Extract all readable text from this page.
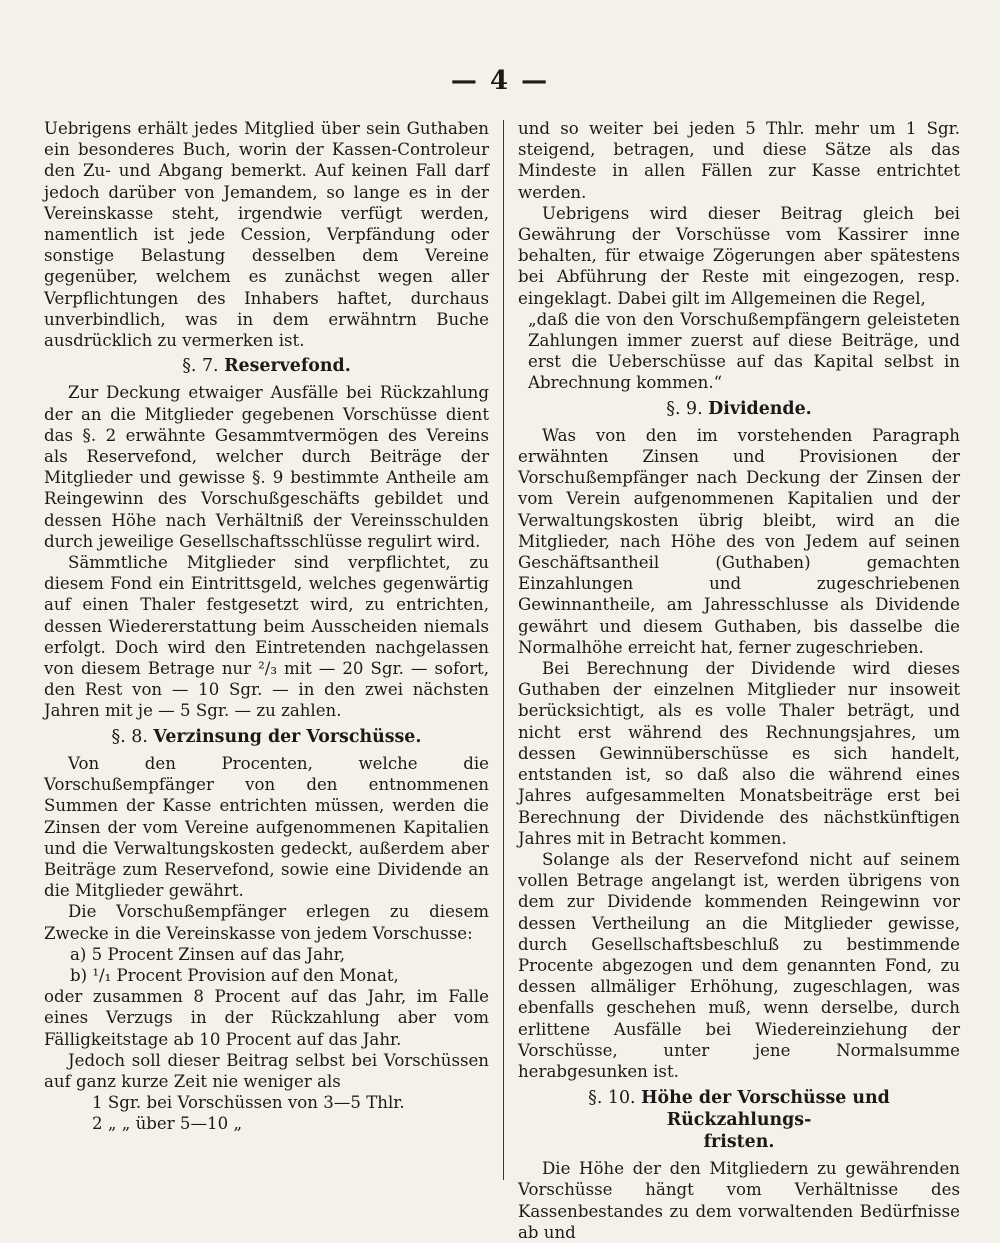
— 4 —

Uebrigens erhält jedes Mitglied über sein Guthaben ein besonderes Buch, worin der Kassen-Controleur den Zu- und Abgang bemerkt. Auf keinen Fall darf jedoch darüber von Jemandem, so lange es in der Vereinskasse steht, irgendwie verfügt werden, namentlich ist jede Cession, Verpfändung oder sonstige Belastung desselben dem Vereine gegenüber, welchem es zunächst wegen aller Verpflichtungen des Inhabers haftet, durchaus unverbindlich, was in dem erwähntrn Buche ausdrücklich zu vermerken ist.

§. 7. Reservefond.

Zur Deckung etwaiger Ausfälle bei Rückzahlung der an die Mitglieder gegebenen Vorschüsse dient das §. 2 erwähnte Gesammtvermögen des Vereins als Reservefond, welcher durch Beiträge der Mitglieder und gewisse §. 9 bestimmte Antheile am Reingewinn des Vorschußgeschäfts gebildet und dessen Höhe nach Verhältniß der Vereinsschulden durch jeweilige Gesellschaftsschlüsse regulirt wird.

Sämmtliche Mitglieder sind verpflichtet, zu diesem Fond ein Eintrittsgeld, welches gegenwärtig auf einen Thaler festgesetzt wird, zu entrichten, dessen Wiedererstattung beim Ausscheiden niemals erfolgt. Doch wird den Eintretenden nachgelassen von diesem Betrage nur ²/₃ mit — 20 Sgr. — sofort, den Rest von — 10 Sgr. — in den zwei nächsten Jahren mit je — 5 Sgr. — zu zahlen.

§. 8. Verzinsung der Vorschüsse.

Von den Procenten, welche die Vorschußempfänger von den entnommenen Summen der Kasse entrichten müssen, werden die Zinsen der vom Vereine aufgenommenen Kapitalien und die Verwaltungskosten gedeckt, außerdem aber Beiträge zum Reservefond, sowie eine Dividende an die Mitglieder gewährt.

Die Vorschußempfänger erlegen zu diesem Zwecke in die Vereinskasse von jedem Vorschusse:

a) 5 Procent Zinsen auf das Jahr,

b) ¹/₁ Procent Provision auf den Monat,

oder zusammen 8 Procent auf das Jahr, im Falle eines Verzugs in der Rückzahlung aber vom Fälligkeitstage ab 10 Procent auf das Jahr.

Jedoch soll dieser Beitrag selbst bei Vorschüssen auf ganz kurze Zeit nie weniger als

1 Sgr. bei Vorschüssen von 3—5 Thlr.

2 „ „ über 5—10 „

und so weiter bei jeden 5 Thlr. mehr um 1 Sgr. steigend, betragen, und diese Sätze als das Mindeste in allen Fällen zur Kasse entrichtet werden.

Uebrigens wird dieser Beitrag gleich bei Gewährung der Vorschüsse vom Kassirer inne behalten, für etwaige Zögerungen aber spätestens bei Abführung der Reste mit eingezogen, resp. eingeklagt. Dabei gilt im Allgemeinen die Regel,

„daß die von den Vorschußempfängern geleisteten Zahlungen immer zuerst auf diese Beiträge, und erst die Ueberschüsse auf das Kapital selbst in Abrechnung kommen.“

§. 9. Dividende.

Was von den im vorstehenden Paragraph erwähnten Zinsen und Provisionen der Vorschußempfänger nach Deckung der Zinsen der vom Verein aufgenommenen Kapitalien und der Verwaltungskosten übrig bleibt, wird an die Mitglieder, nach Höhe des von Jedem auf seinen Geschäftsantheil (Guthaben) gemachten Einzahlungen und zugeschriebenen Gewinnantheile, am Jahresschlusse als Dividende gewährt und diesem Guthaben, bis dasselbe die Normalhöhe erreicht hat, ferner zugeschrieben.

Bei Berechnung der Dividende wird dieses Guthaben der einzelnen Mitglieder nur insoweit berücksichtigt, als es volle Thaler beträgt, und nicht erst während des Rechnungsjahres, um dessen Gewinnüberschüsse es sich handelt, entstanden ist, so daß also die während eines Jahres aufgesammelten Monatsbeiträge erst bei Berechnung der Dividende des nächstkünftigen Jahres mit in Betracht kommen.

Solange als der Reservefond nicht auf seinem vollen Betrage angelangt ist, werden übrigens von dem zur Dividende kommenden Reingewinn vor dessen Vertheilung an die Mitglieder gewisse, durch Gesellschaftsbeschluß zu bestimmende Procente abgezogen und dem genannten Fond, zu dessen allmäliger Erhöhung, zugeschlagen, was ebenfalls geschehen muß, wenn derselbe, durch erlittene Ausfälle bei Wiedereinziehung der Vorschüsse, unter jene Normalsumme herabgesunken ist.

§. 10. Höhe der Vorschüsse und Rückzahlungs-
fristen.

Die Höhe der den Mitgliedern zu gewährenden Vorschüsse hängt vom Verhältnisse des Kassenbestandes zu dem vorwaltenden Bedürfnisse ab und
